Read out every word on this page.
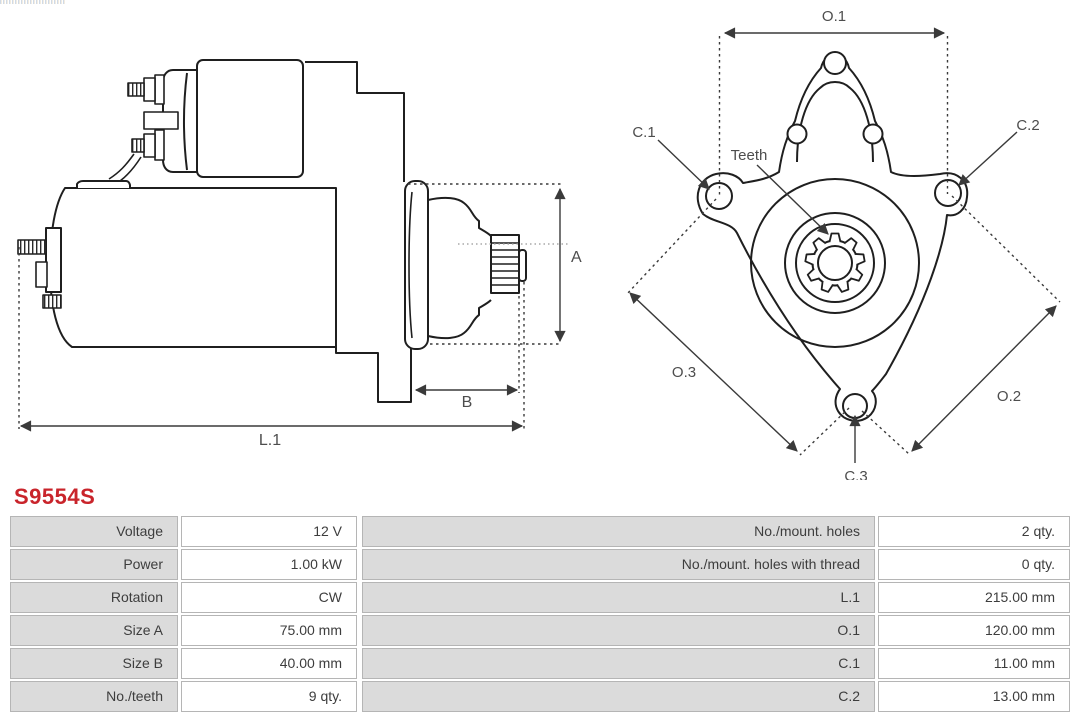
A
B
L.1
O.1
O.3
O.2
C.1	C.2
C.3
Teeth
S9554S
Voltage	12 V	No./mount. holes	2 qty.
Power	1.00 kW	No./mount. holes with thread	0 qty.
Rotation	CW	L.1	215.00 mm
Size A	75.00 mm	O.1	120.00 mm
Size B	40.00 mm	C.1	11.00 mm
No./teeth	9 qty.	C.2	13.00 mm
